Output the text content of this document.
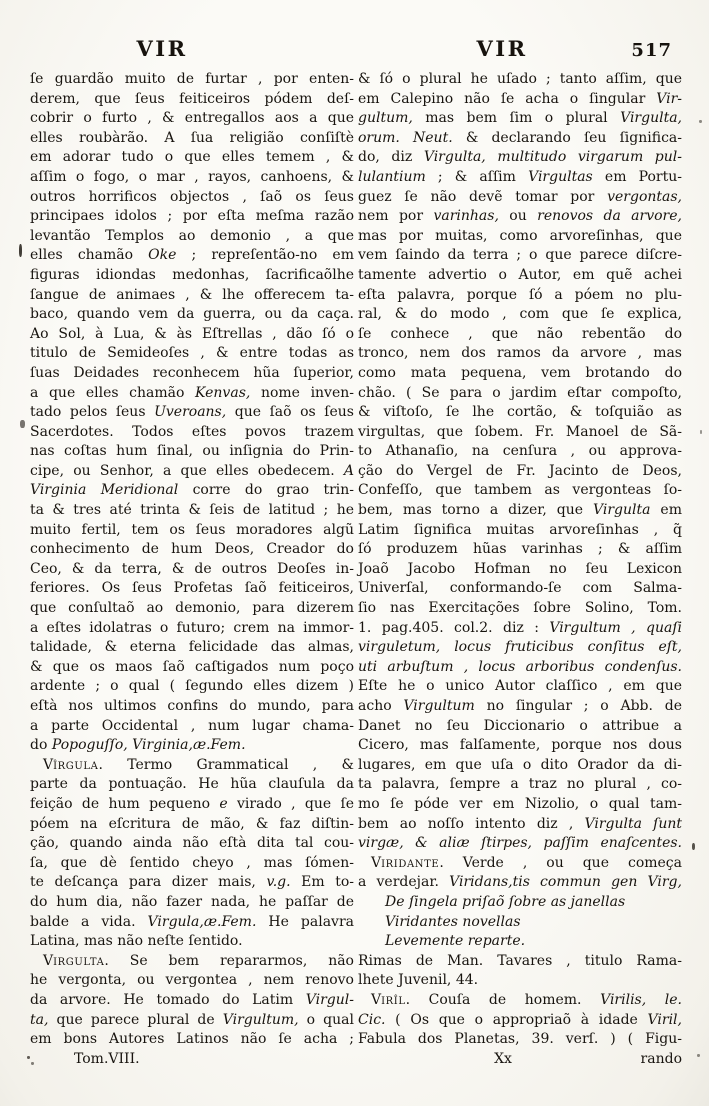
VIR	VIR	517
ſe guardão muito de furtar , por enten-
derem, que ſeus feiticeiros pódem deſ-
cobrir o furto , & entregallos aos a que
elles roubàrão. A ſua religião conſiſtè
em adorar tudo o que elles temem , &
aſſim o fogo, o mar , rayos, canhoens, &
outros horrificos objectos , ſaõ os ſeus
principaes idolos ; por eſta meſma razão
levantão Templos ao demonio , a que
elles chamão Oke ; repreſentão-no em
figuras idiondas medonhas, ſacrificaõlhe
ſangue de animaes , & lhe offerecem ta-
baco, quando vem da guerra, ou da caça.
Ao Sol, à Lua, & às Eſtrellas , dão ſó o
titulo de Semideoſes , & entre todas as
ſuas Deidades reconhecem hũa ſuperior,
a que elles chamão Kenvas, nome inven-
tado pelos ſeus Uveroans, que ſaõ os ſeus
Sacerdotes. Todos eſtes povos trazem
nas coſtas hum ſinal, ou inſignia do Prin-
cipe, ou Senhor, a que elles obedecem. A
Virginia Meridional corre do grao trin-
ta & tres até trinta & ſeis de latitud ; he
muito fertil, tem os ſeus moradores algũ
conhecimento de hum Deos, Creador do
Ceo, & da terra, & de outros Deoſes in-
feriores. Os ſeus Profetas ſaõ feiticeiros,
que conſultaõ ao demonio, para dizerem
a eſtes idolatras o futuro; crem na immor-
talidade, & eterna felicidade das almas,
& que os maos ſaõ caſtigados num poço
ardente ; o qual ( ſegundo elles dizem )
eſtà nos ultimos confins do mundo, para
a parte Occidental , num lugar chama-
do Popoguſſo, Virginia,æ.Fem.
Vîrgula. Termo Grammatical , &
parte da pontuação. He hũa clauſula da
feição de hum pequeno e virado , que ſe
póem na eſcritura de mão, & faz diſtin-
ção, quando ainda não eſtà dita tal cou-
ſa, que dè ſentido cheyo , mas ſómen-
te deſcança para dizer mais, v.g. Em to-
do hum dia, não fazer nada, he paſſar de
balde a vida. Virgula,æ.Fem. He palavra
Latina, mas não neſte ſentido.
Virgulta. Se bem repararmos, não
he vergonta, ou vergontea , nem renovo
da arvore. He tomado do Latim Virgul-
ta, que parece plural de Virgultum, o qual
em bons Autores Latinos não ſe acha ;
Tom.VIII.
& ſó o plural he uſado ; tanto aſſim, que
em Calepino não ſe acha o ſingular Vir-
gultum, mas bem ſim o plural Virgulta,
orum. Neut. & declarando ſeu ſignifica-
do, diz Virgulta, multitudo virgarum pul-
lulantium ; & aſſim Virgultas em Portu-
guez ſe não devẽ tomar por vergontas,
nem por varinhas, ou renovos da arvore,
mas por muitas, como arvoreſinhas, que
vem ſaindo da terra ; o que parece diſcre-
tamente advertio o Autor, em quẽ achei
eſta palavra, porque ſó a póem no plu-
ral, & do modo , com que ſe explica,
ſe conhece , que não rebentão do
tronco, nem dos ramos da arvore , mas
como mata pequena, vem brotando do
chão. ( Se para o jardim eſtar compoſto,
& viſtoſo, ſe lhe cortão, & toſquião as
virgultas, que ſobem. Fr. Manoel de Sã-
to Athanaſio, na cenſura , ou approva-
ção do Vergel de Fr. Jacinto de Deos,
Confeſſo, que tambem as vergonteas ſo-
bem, mas torno a dizer, que Virgulta em
Latim ſignifica muitas arvoreſinhas , q̃
ſó produzem hũas varinhas ; & aſſim
Joaõ Jacobo Hofman no ſeu Lexicon
Univerſal, conformando-ſe com Salma-
ſio nas Exercitações ſobre Solino, Tom.
1. pag.405. col.2. diz : Virgultum , quaſi
virguletum, locus fruticibus conſitus eſt,
uti arbuſtum , locus arboribus condenſus.
Eſte he o unico Autor claſſico , em que
acho Virgultum no ſingular ; o Abb. de
Danet no ſeu Diccionario o attribue a
Cicero, mas falſamente, porque nos dous
lugares, em que uſa o dito Orador da di-
ta palavra, ſempre a traz no plural , co-
mo ſe póde ver em Nizolio, o qual tam-
bem ao noſſo intento diz , Virgulta ſunt
virgæ, & aliæ ſtirpes, paſſim enaſcentes.
Viridante. Verde , ou que começa
a verdejar. Viridans,tis commun gen Virg,
De ſingela priſaõ ſobre as janellas
Viridantes novellas
Levemente reparte.
Rimas de Man. Tavares , titulo Rama-
lhete Juvenil, 44.
Virîl. Couſa de homem. Virilis, le.
Cic. ( Os que o appropriaõ à idade Viril,
Fabula dos Planetas, 39. verſ. ) ( Figu-
Xx	rando
